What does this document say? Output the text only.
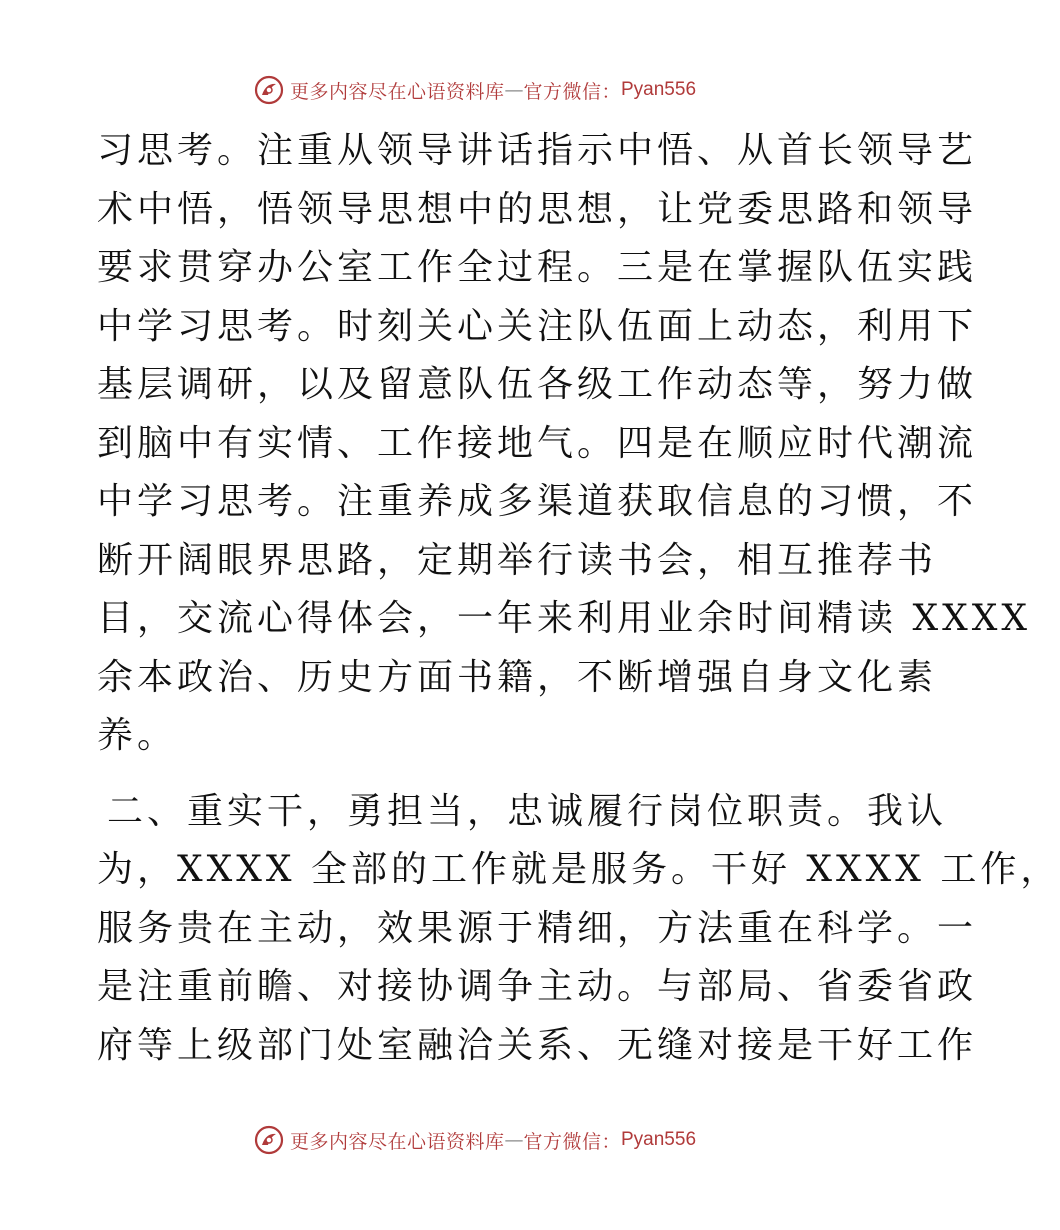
更多内容尽在心语资料库 — 官方微信： Pyan556
习思考。注重从领导讲话指示中悟、从首长领导艺
术中悟，悟领导思想中的思想，让党委思路和领导
要求贯穿办公室工作全过程。三是在掌握队伍实践
中学习思考。时刻关心关注队伍面上动态，利用下
基层调研，以及留意队伍各级工作动态等，努力做
到脑中有实情、工作接地气。四是在顺应时代潮流
中学习思考。注重养成多渠道获取信息的习惯，不
断开阔眼界思路，定期举行读书会，相互推荐书
目，交流心得体会，一年来利用业余时间精读 XXXX
余本政治、历史方面书籍，不断增强自身文化素
养。
二、重实干，勇担当，忠诚履行岗位职责。我认
为，XXXX 全部的工作就是服务。干好 XXXX 工作，
服务贵在主动，效果源于精细，方法重在科学。一
是注重前瞻、对接协调争主动。与部局、省委省政
府等上级部门处室融洽关系、无缝对接是干好工作
更多内容尽在心语资料库 — 官方微信： Pyan556
